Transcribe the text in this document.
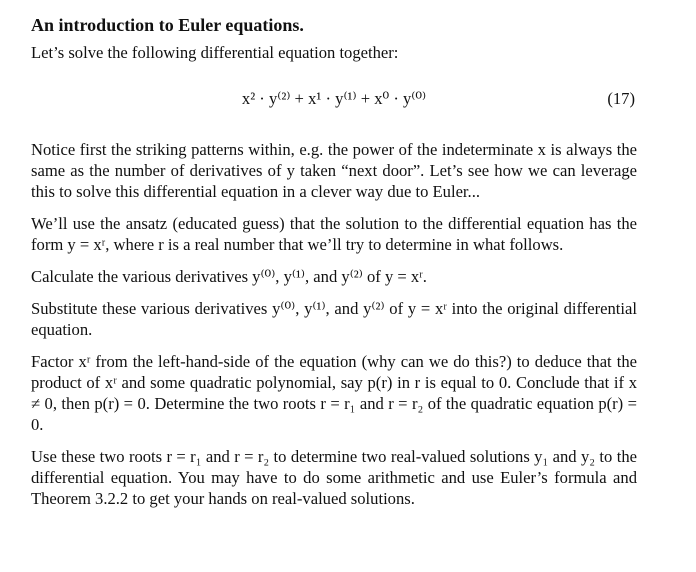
An introduction to Euler equations.
Let’s solve the following differential equation together:
x² · y⁽²⁾ + x¹ · y⁽¹⁾ + x⁰ · y⁽⁰⁾	(17)
Notice first the striking patterns within, e.g. the power of the indeterminate x is always the same as the number of derivatives of y taken “next door”. Let’s see how we can leverage this to solve this differential equation in a clever way due to Euler...
We’ll use the ansatz (educated guess) that the solution to the differential equation has the form y = xʳ, where r is a real number that we’ll try to determine in what follows.
Calculate the various derivatives y⁽⁰⁾, y⁽¹⁾, and y⁽²⁾ of y = xʳ.
Substitute these various derivatives y⁽⁰⁾, y⁽¹⁾, and y⁽²⁾ of y = xʳ into the original differential equation.
Factor xʳ from the left-hand-side of the equation (why can we do this?) to deduce that the product of xʳ and some quadratic polynomial, say p(r) in r is equal to 0. Conclude that if x ≠ 0, then p(r) = 0. Determine the two roots r = r₁ and r = r₂ of the quadratic equation p(r) = 0.
Use these two roots r = r₁ and r = r₂ to determine two real-valued solutions y₁ and y₂ to the differential equation. You may have to do some arithmetic and use Euler’s formula and Theorem 3.2.2 to get your hands on real-valued solutions.
